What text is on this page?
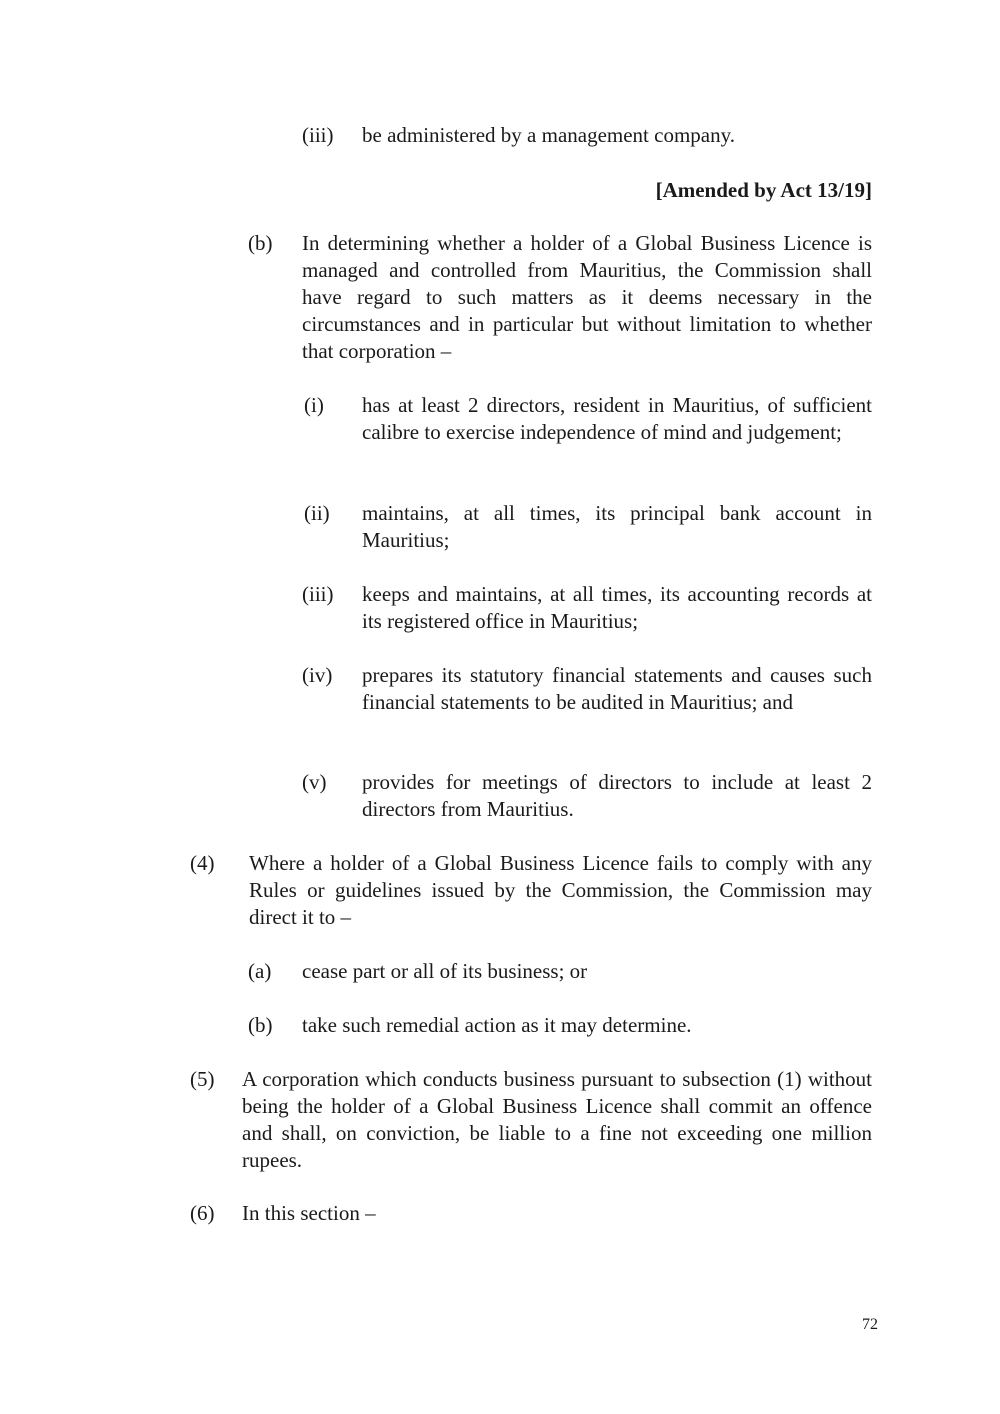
(iii) be administered by a management company.
[Amended by Act 13/19]
(b) In determining whether a holder of a Global Business Licence is managed and controlled from Mauritius, the Commission shall have regard to such matters as it deems necessary in the circumstances and in particular but without limitation to whether that corporation –
(i) has at least 2 directors, resident in Mauritius, of sufficient calibre to exercise independence of mind and judgement;
(ii) maintains, at all times, its principal bank account in Mauritius;
(iii) keeps and maintains, at all times, its accounting records at its registered office in Mauritius;
(iv) prepares its statutory financial statements and causes such financial statements to be audited in Mauritius; and
(v) provides for meetings of directors to include at least 2 directors from Mauritius.
(4) Where a holder of a Global Business Licence fails to comply with any Rules or guidelines issued by the Commission, the Commission may direct it to –
(a) cease part or all of its business; or
(b) take such remedial action as it may determine.
(5) A corporation which conducts business pursuant to subsection (1) without being the holder of a Global Business Licence shall commit an offence and shall, on conviction, be liable to a fine not exceeding one million rupees.
(6) In this section –
72
